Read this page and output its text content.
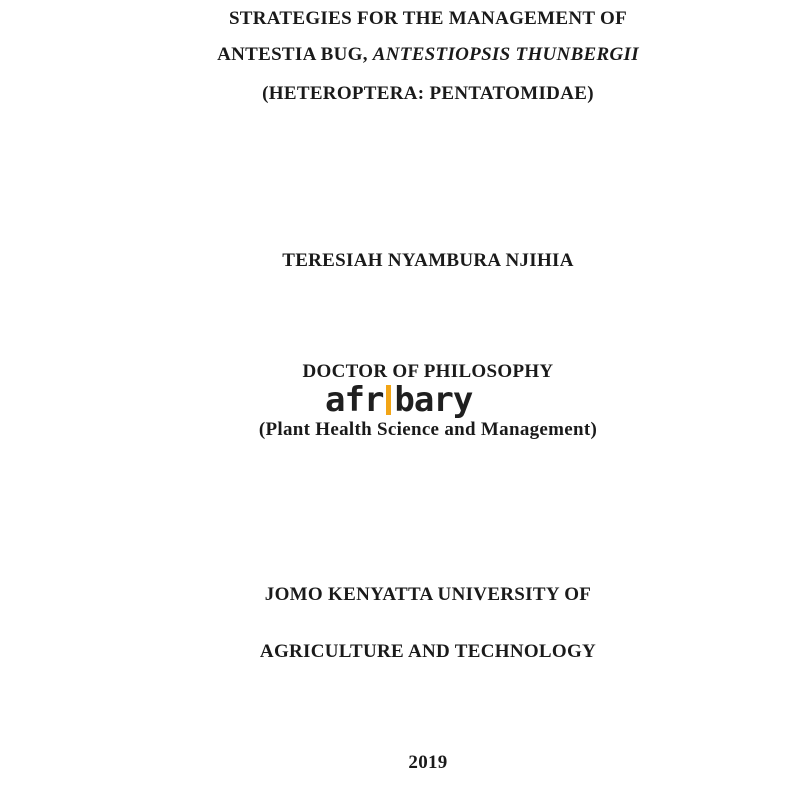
STRATEGIES FOR THE MANAGEMENT OF
ANTESTIA BUG, ANTESTIOPSIS THUNBERGII
(HETEROPTERA: PENTATOMIDAE)
TERESIAH NYAMBURA NJIHIA
DOCTOR OF PHILOSOPHY
afr bary
(Plant Health Science and Management)
JOMO KENYATTA UNIVERSITY OF
AGRICULTURE AND TECHNOLOGY
2019
